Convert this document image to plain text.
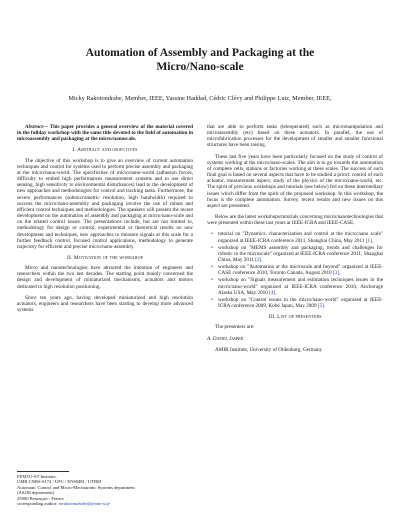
Automation of Assembly and Packaging at the
Micro/Nano-scale
Micky Rakotondrabe, Member, IEEE, Yassine Haddad, Cédric Clévy and Philippe Lutz, Member, IEEE,

Abstract— This paper provides a general overview of the material covered in the fullday workshop with the same title devoted to the field of automation in microassembly and packaging at the micro/nanoscale.

I. Abstract and objectives

The objective of this workshop is to give an overview of current automation techniques and control for systems used to perform precise assembly and packaging at the micro/nano-world. The specificities of micro/nano-world (adhesion forces, difficulty to embed high performances measurement systems and to use direct sensing, high sensitivity to environmental disturbances) lead to the development of new approaches and methodologies for control and tracking tasks. Furthermore, the severe performances (submicrometric resolution, high bandwidth) required to success the micro/nano-assembly and packaging involve the use of robust and efficient control techniques and methodologies. The speakers will present the recent development on the automation of assembly and packaging at micro/nano-scale and on the related control issues. The presentations include, but are not limited to, methodology for design or control, experimental or theoretical results on new development and techniques, new approaches to measure signals at this scale for a further feedback control, focused control applications, methodology to generate trajectory for efficient and precise micro/nano-assembly.

II. Motivation of the workshop

Micro and nanotechnologies have attracted the intention of engineers and researchers within the two last decades. The starting point mainly concerned the design and development of miniaturized mechanisms, actuators and motors dedicated to high resolution positioning.

Since ten years ago, having developed miniaturized and high resolution actuators, engineers and researchers have been starting to develop more advanced systems

FEMTO-ST Institute,

UMR CNRS-6174 / UFC / ENSMM / UTBM

Automatic Control and Micro-Mechatronic Systems department

(AS2M department)

25000 Besançon - France

corresponding author: mrakotondrabe@femto-st.fr

that are able to perform tasks (teleoperated) such as micromanipulation and microassembly (etc) based on these actuators. In parallel, the use of microfabrication processes for the development of smaller and smaller functional structures have been raising.

These last five years have been particularly focused on the study of control of systems working at the micro/nano-scales. The aim is to go towards the automation of complete cells, stations or factories working at these scales. The success of such final goal is based on several aspects that have to be studied a priori: control of each actuator, measurement aspect, study of the physics of the micro/nano-world, etc. The spirit of previous workshops and tutorials (see below) fed on these intermediary issues which differ from the spirit of the proposed workshop. In this workshop, the focus is the complete automation. Survey, recent results and new issues on this aspect are presented.

Below are the latest workshops/tutorials concerning micro/nanotechnologies that were presented within these last years at IEEE-ICRA and IEEE-CASE.

• tutorial on "Dynamics, characterization and control at the micro/nano scale" organized at IEEE-ICRA conference 2011, Shanghai China, May 2011 [1],
• workshop on "MEMS assembly and packaging: trends and challenges for robotic in the microscale" organized at IEEE-ICRA conference 2011, Shanghai China, May 2011 [2],
• workshop on "Automation at the microscale and beyond" organized at IEEE-CASE conference 2010, Toronto Canada, August 2010 [3],
• workshop on "Signals measurement and estimation techniques issues in the micro/nano-world" organized at IEEE-ICRA conference 2010, Anchorage Alaska USA, May 2010 [4],
• workshop on "Control issues in the micro/nano-world" organized at IEEE-ICRA conference 2009, Kobé Japan, May 2009 [5].
III. List of presenters

The presenters are:

A. Daniel Jasper

AMIR Institute, University of Oldenburg, Germany
